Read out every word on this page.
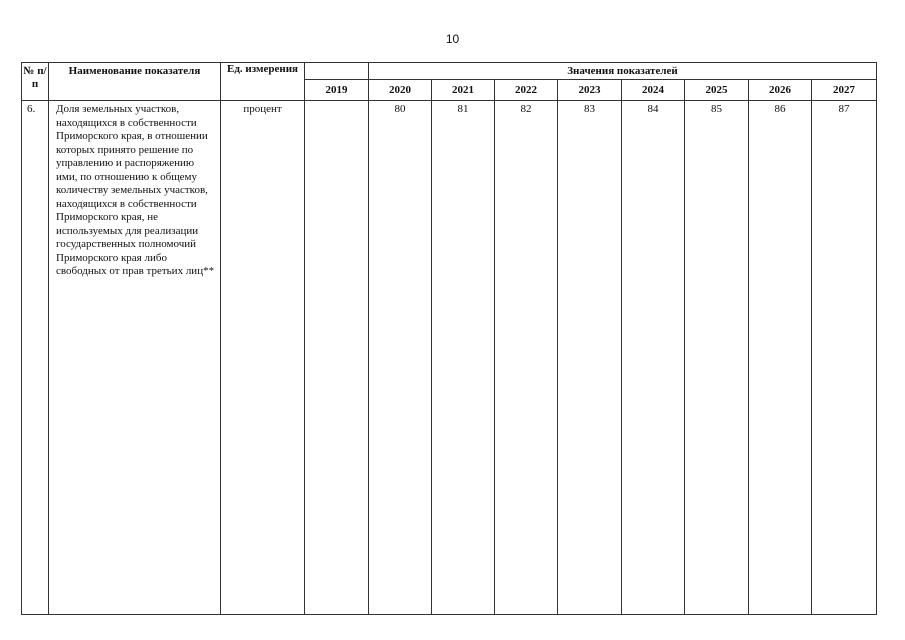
10
№ п/п	Наименование показателя	Ед. измерения		Значения показателей							
			2019	2020	2021	2022	2023	2024	2025	2026	2027
6.	Доля земельных участков, находящихся в собственности Приморского края, в отношении которых принято решение по управлению и распоряжению ими, по отношению к общему количеству земельных участков, находящихся в собственности Приморского края, не используемых для реализации государственных полномочий Приморского края либо свободных от прав третьих лиц**	процент		80	81	82	83	84	85	86	87
